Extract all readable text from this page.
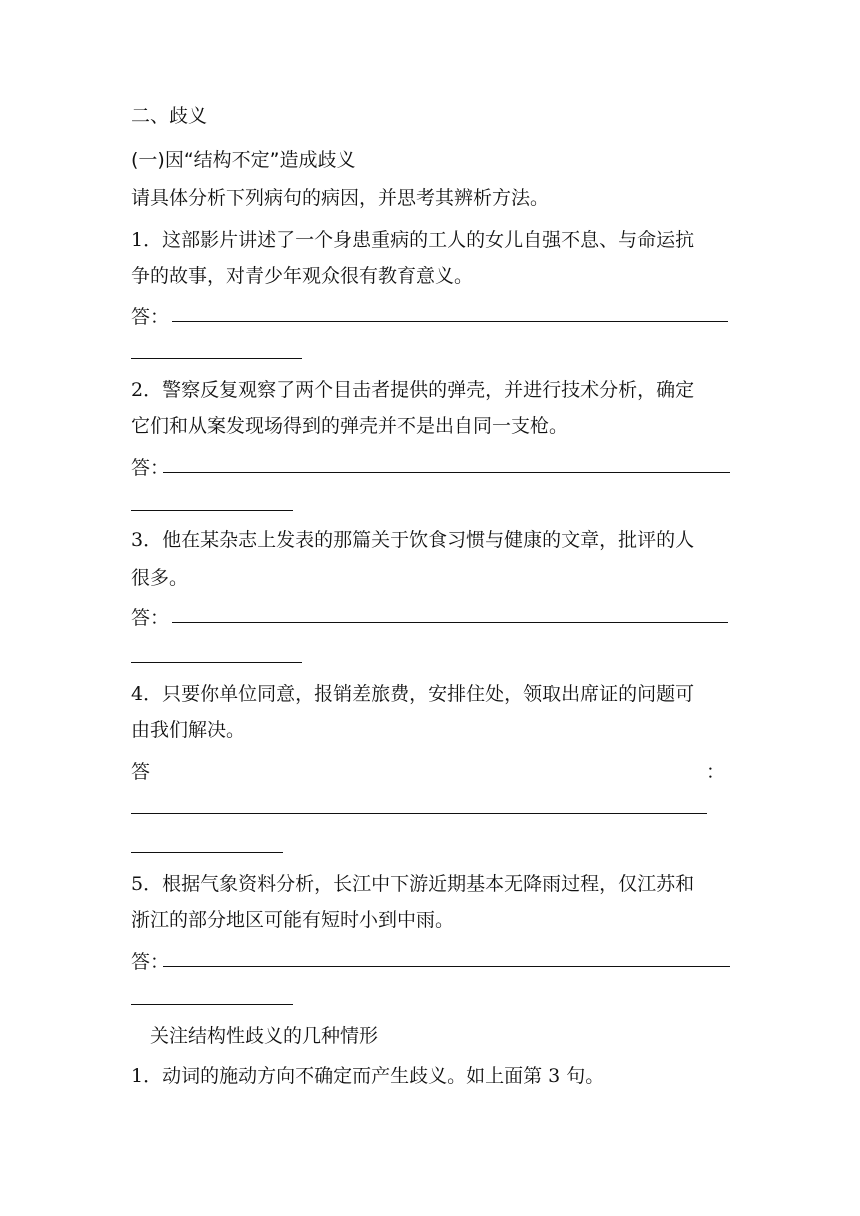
二、歧义
(一)因“结构不定”造成歧义
请具体分析下列病句的病因，并思考其辨析方法。
1．这部影片讲述了一个身患重病的工人的女儿自强不息、与命运抗
争的故事，对青少年观众很有教育意义。
答：
2．警察反复观察了两个目击者提供的弹壳，并进行技术分析，确定
它们和从案发现场得到的弹壳并不是出自同一支枪。
答：
3．他在某杂志上发表的那篇关于饮食习惯与健康的文章，批评的人
很多。
答：
4．只要你单位同意，报销差旅费，安排住处，领取出席证的问题可
由我们解决。
答	：
5．根据气象资料分析，长江中下游近期基本无降雨过程，仅江苏和
浙江的部分地区可能有短时小到中雨。
答：
关注结构性歧义的几种情形
1．动词的施动方向不确定而产生歧义。如上面第 3 句。
